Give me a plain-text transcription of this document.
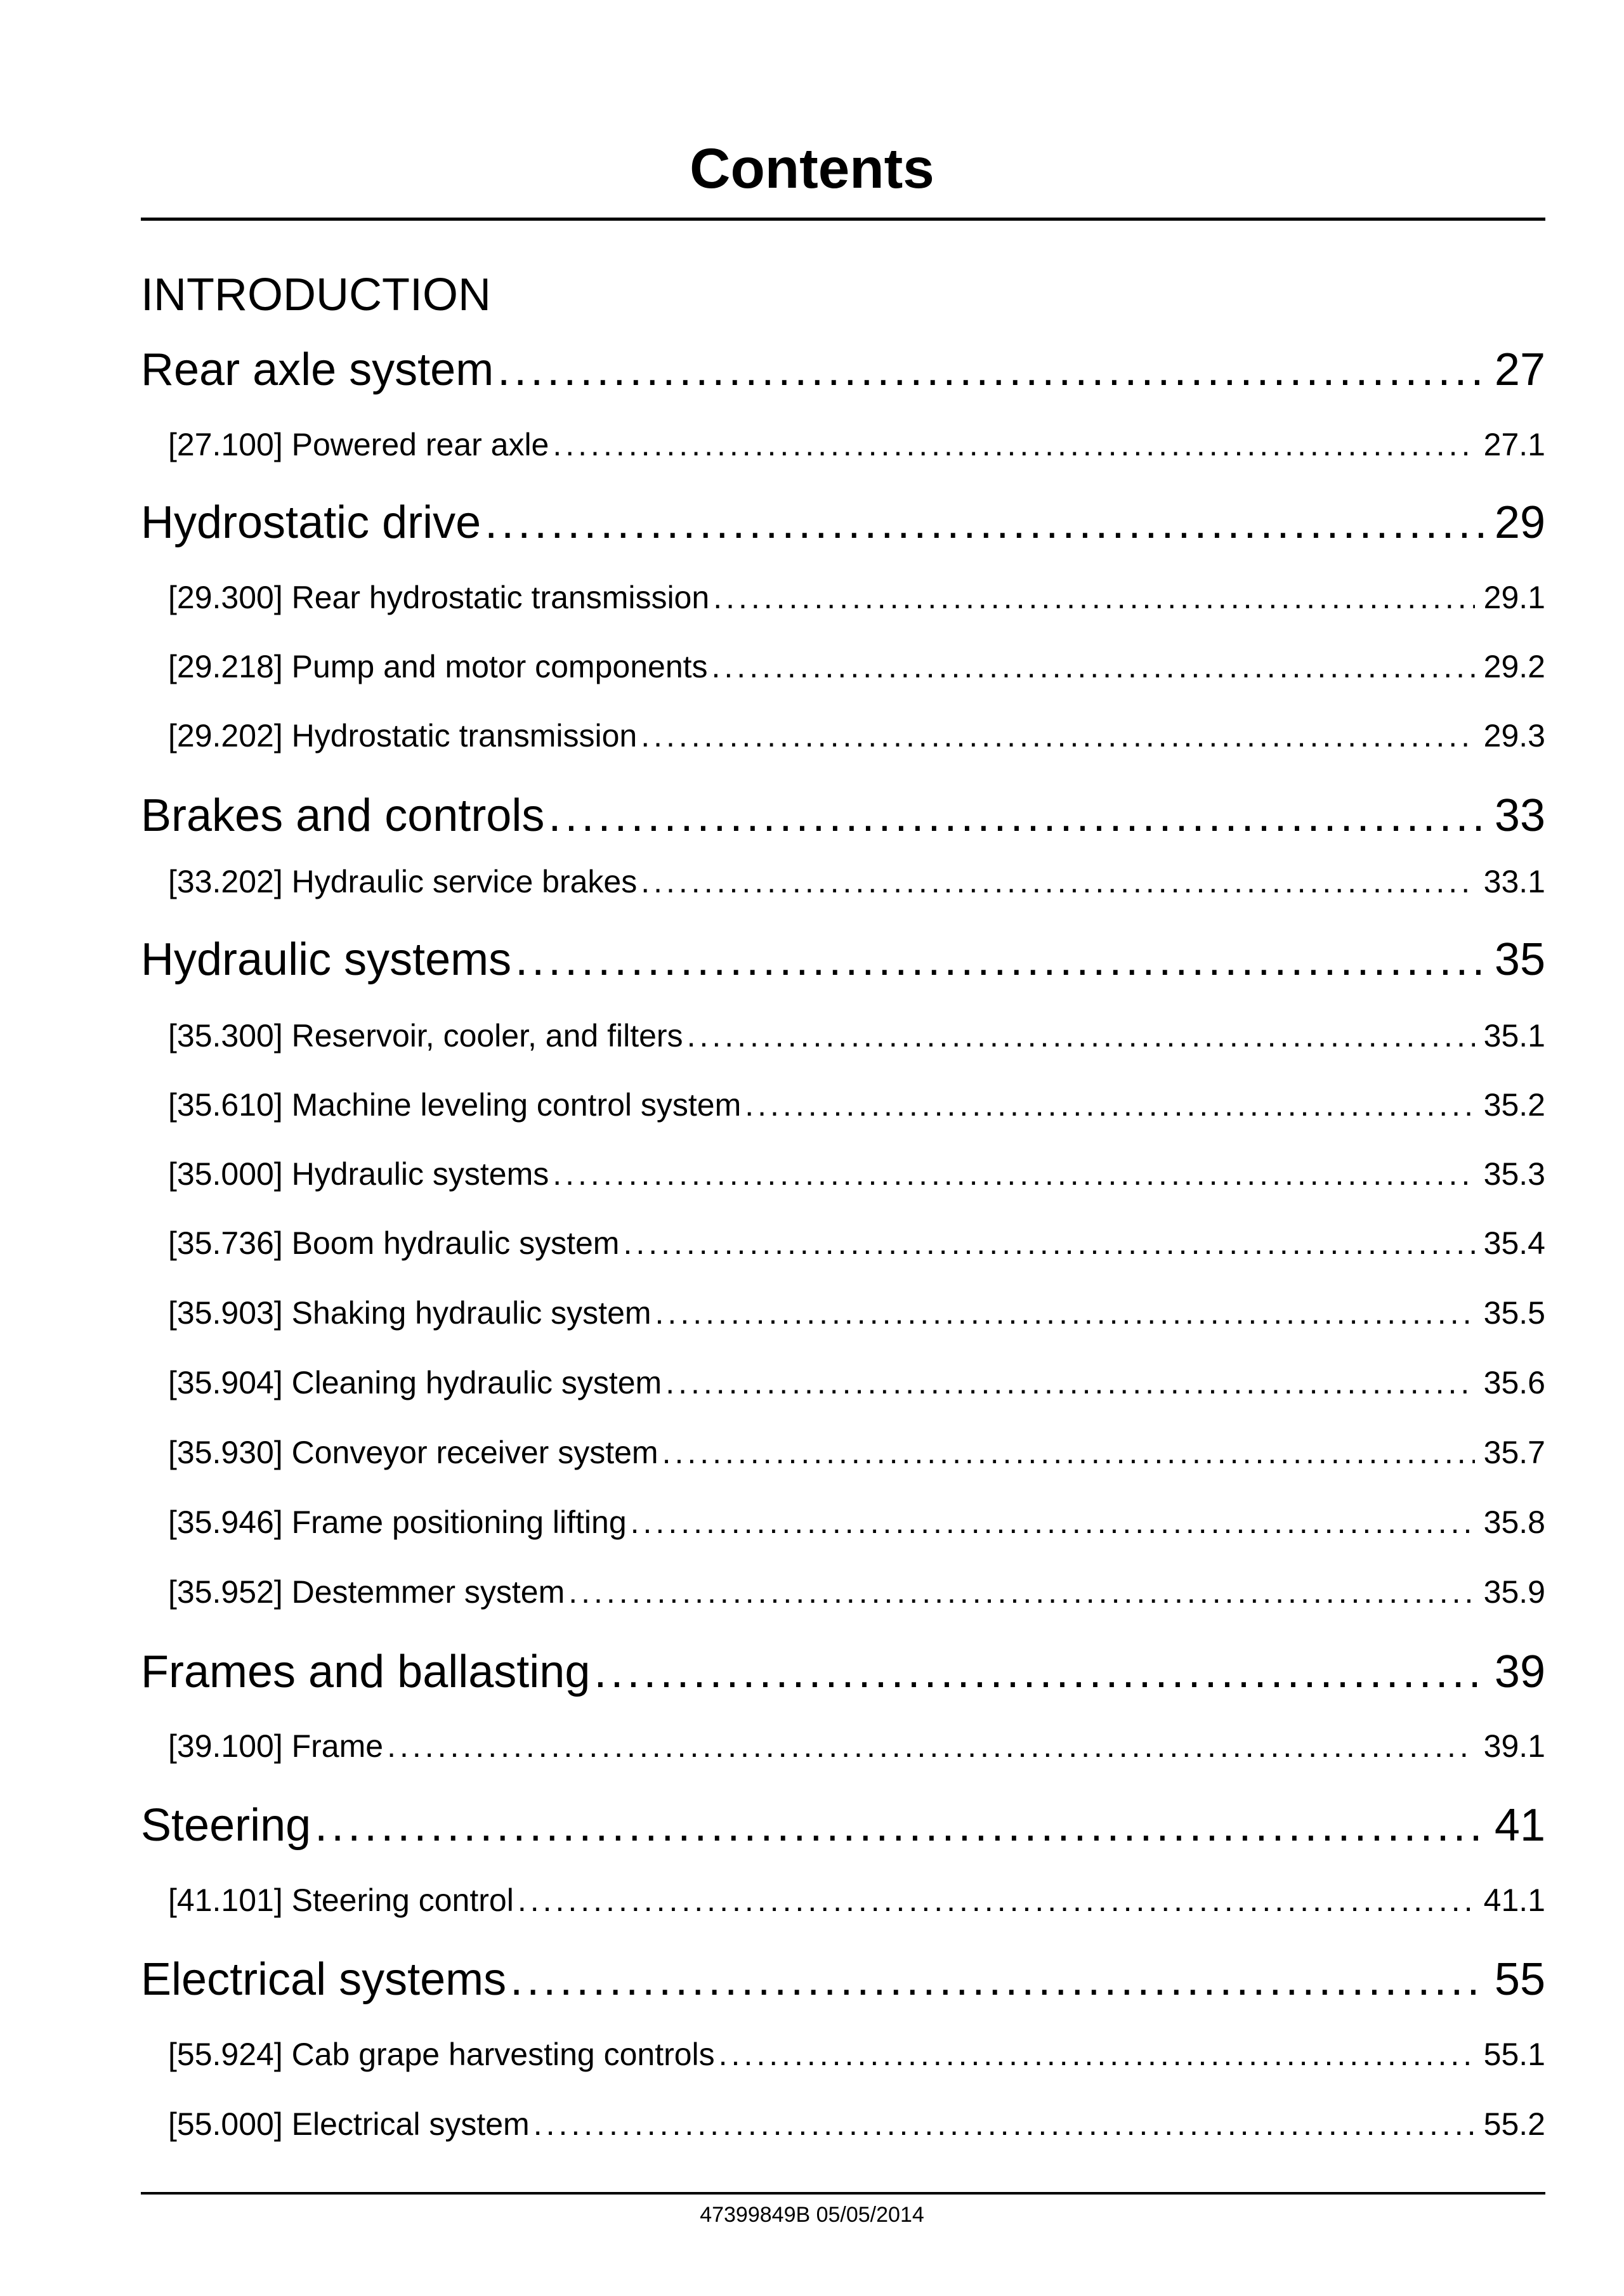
Contents
INTRODUCTION
Rear axle system .....	27
[27.100] Powered rear axle .....	27.1
Hydrostatic drive .....	29
[29.300] Rear hydrostatic transmission .....	29.1
[29.218] Pump and motor components .....	29.2
[29.202] Hydrostatic transmission .....	29.3
Brakes and controls .....	33
[33.202] Hydraulic service brakes .....	33.1
Hydraulic systems .....	35
[35.300] Reservoir, cooler, and filters .....	35.1
[35.610] Machine leveling control system .....	35.2
[35.000] Hydraulic systems .....	35.3
[35.736] Boom hydraulic system .....	35.4
[35.903] Shaking hydraulic system .....	35.5
[35.904] Cleaning hydraulic system .....	35.6
[35.930] Conveyor receiver system .....	35.7
[35.946] Frame positioning lifting .....	35.8
[35.952] Destemmer system .....	35.9
Frames and ballasting .....	39
[39.100] Frame .....	39.1
Steering .....	41
[41.101] Steering control .....	41.1
Electrical systems .....	55
[55.924] Cab grape harvesting controls .....	55.1
[55.000] Electrical system .....	55.2
47399849B 05/05/2014
